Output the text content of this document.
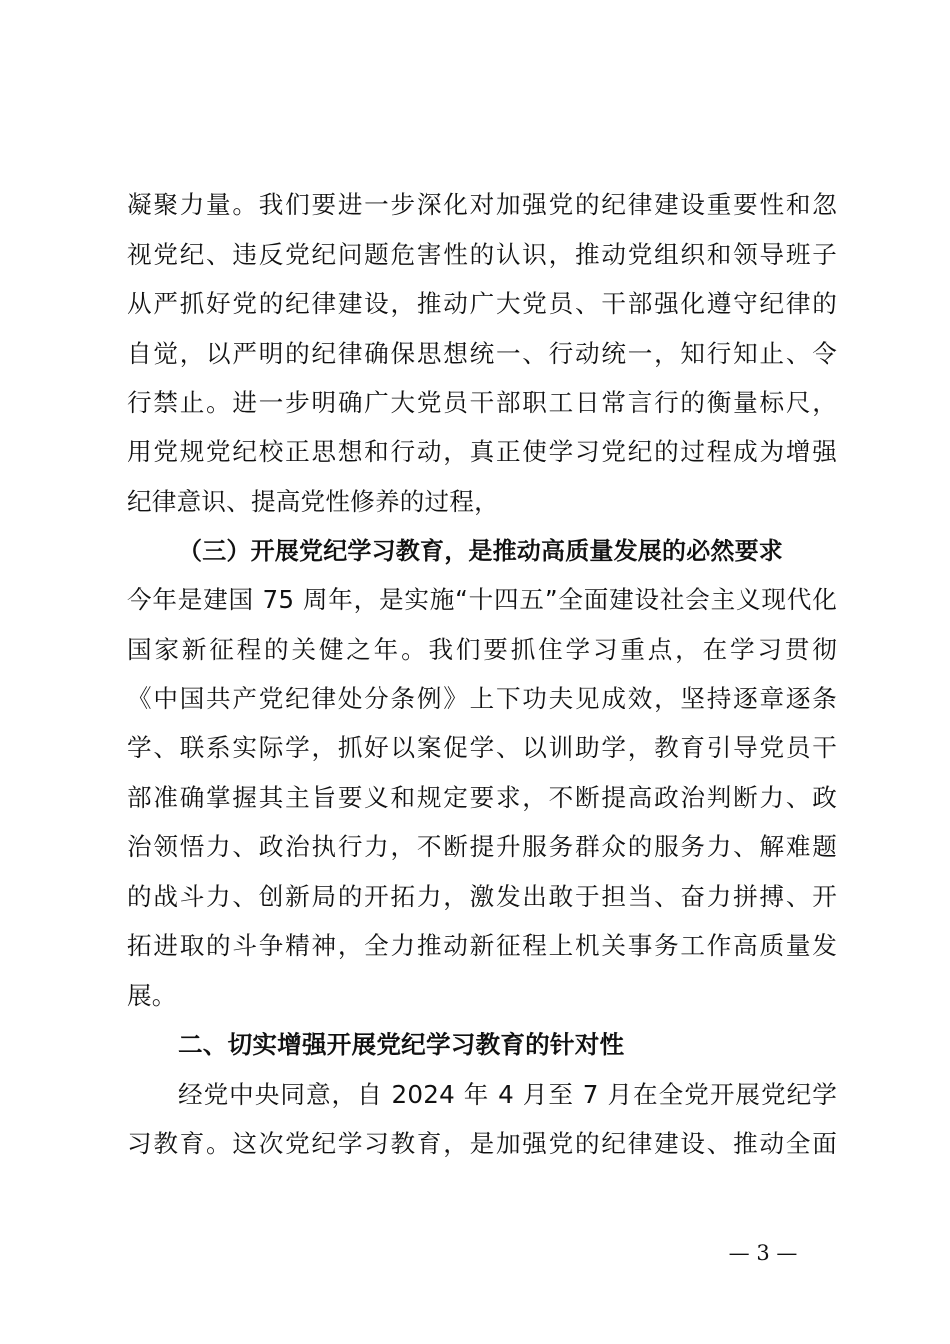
凝聚力量。我们要进一步深化对加强党的纪律建设重要性和忽
视党纪、违反党纪问题危害性的认识，推动党组织和领导班子
从严抓好党的纪律建设，推动广大党员、干部强化遵守纪律的
自觉，以严明的纪律确保思想统一、行动统一，知行知止、令
行禁止。进一步明确广大党员干部职工日常言行的衡量标尺，
用党规党纪校正思想和行动，真正使学习党纪的过程成为增强
纪律意识、提高党性修养的过程，
（三）开展党纪学习教育，是推动高质量发展的必然要求
今年是建国 75 周年，是实施“十四五”全面建设社会主义现代化
国家新征程的关健之年。我们要抓住学习重点，在学习贯彻
《中国共产党纪律处分条例》上下功夫见成效，坚持逐章逐条
学、联系实际学，抓好以案促学、以训助学，教育引导党员干
部准确掌握其主旨要义和规定要求，不断提高政治判断力、政
治领悟力、政治执行力，不断提升服务群众的服务力、解难题
的战斗力、创新局的开拓力，激发出敢于担当、奋力拼搏、开
拓进取的斗争精神，全力推动新征程上机关事务工作高质量发
展。
二、切实增强开展党纪学习教育的针对性
经党中央同意，自 2024 年 4 月至 7 月在全党开展党纪学
习教育。这次党纪学习教育，是加强党的纪律建设、推动全面
— 3 —
